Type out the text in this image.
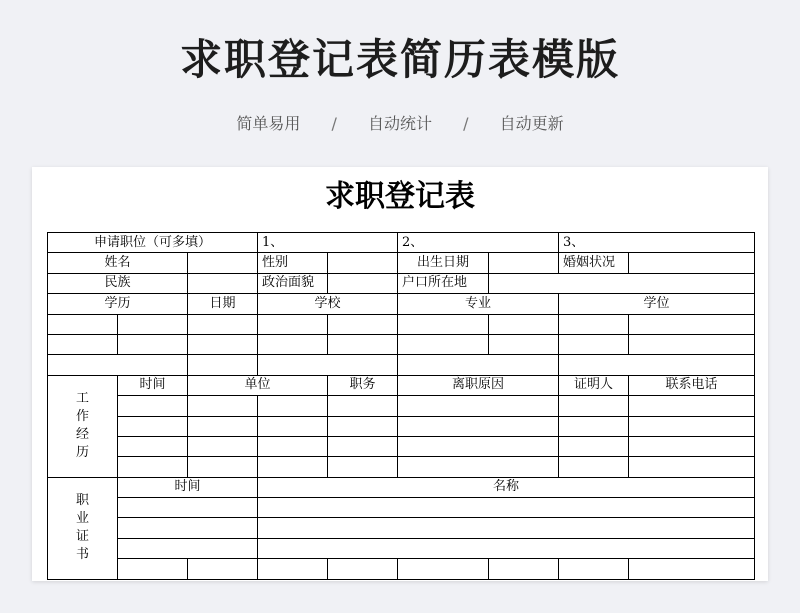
求职登记表简历表模版
简单易用 / 自动统计 / 自动更新
求职登记表
申请职位（可多填）			1、		2、		3、	
姓名			性别		出生日期		婚姻状况	
民族			政治面貌		户口所在地			
学历		日期	学校		专业		学位	

工作经历	时间	单位		职务	离职原因		证明人	联系电话

职业证书	时间		名称					
